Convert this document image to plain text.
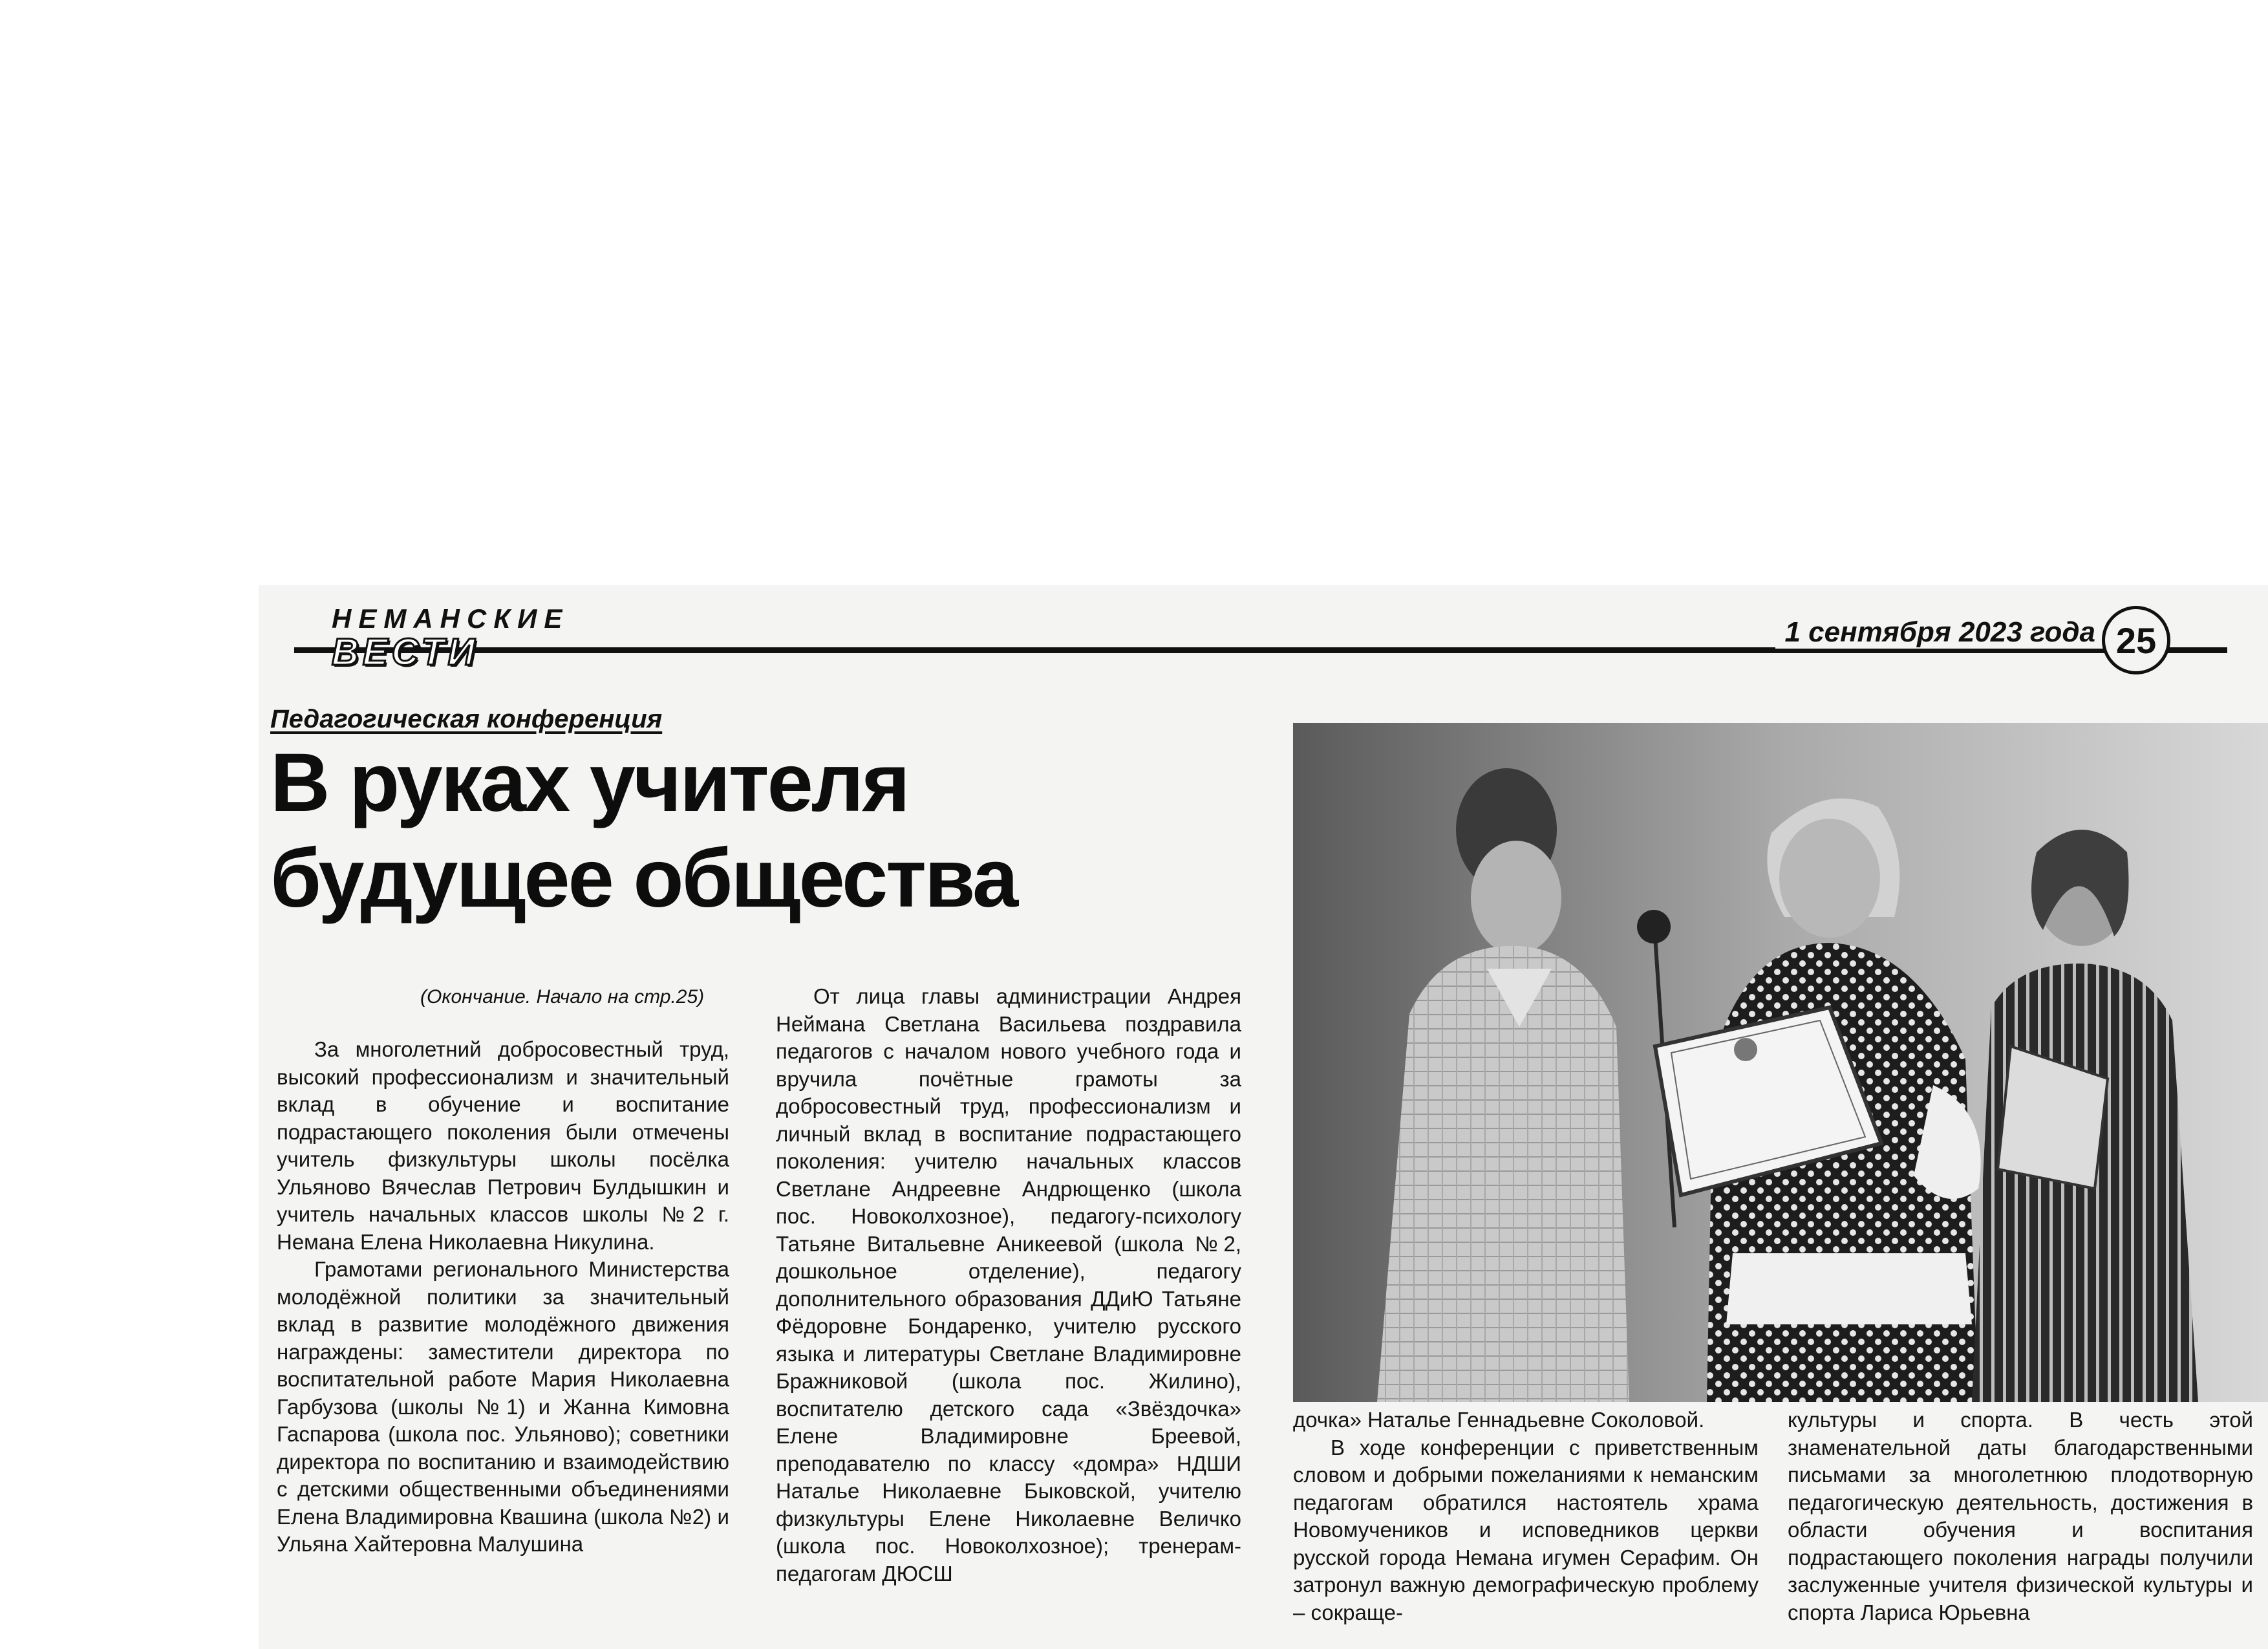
НЕМАНСКИЕ

ВЕСТИ	1 сентября 2023 года 25

Педагогическая конференция

В руках учителя
будущее общества

(Окончание. Начало на стр.25)

За многолетний добросовестный труд, высокий профессионализм и значительный вклад в обучение и воспитание подрастающего поколения были отмечены учитель физкультуры школы посёлка Ульяново Вячеслав Петрович Булдышкин и учитель начальных классов школы №2 г. Немана Елена Николаевна Никулина.

Грамотами регионального Министерства молодёжной политики за значительный вклад в развитие молодёжного движения награждены: заместители директора по воспитательной работе Мария Николаевна Гарбузова (школы №1) и Жанна Кимовна Гаспарова (школа пос. Ульяново); советники директора по воспитанию и взаимодействию с детскими общественными объединениями Елена Владимировна Квашина (школа №2) и Ульяна Хайтеровна Малушина

От лица главы администрации Андрея Неймана Светлана Васильева поздравила педагогов с началом нового учебного года и вручила почётные грамоты за добросовестный труд, профессионализм и личный вклад в воспитание подрастающего поколения: учителю начальных классов Светлане Андреевне Андрющенко (школа пос. Новоколхозное), педагогу-психологу Татьяне Витальевне Аникеевой (школа №2, дошкольное отделение), педагогу дополнительного образования ДДиЮ Татьяне Фёдоровне Бондаренко, учителю русского языка и литературы Светлане Владимировне Бражниковой (школа пос. Жилино), воспитателю детского сада «Звёздочка» Елене Владимировне Бреевой, преподавателю по классу «домра» НДШИ Наталье Николаевне Быковской, учителю физкультуры Елене Николаевне Величко (школа пос. Новоколхозное); тренерам-педагогам ДЮСШ

дочка» Наталье Геннадьевне Соколовой.

В ходе конференции с приветственным словом и добрыми пожеланиями к неманским педагогам обратился настоятель храма Новомучеников и исповедников церкви русской города Немана игумен Серафим. Он затронул важную демографическую проблему – сокраще-

культуры и спорта. В честь этой знаменательной даты благодарственными письмами за многолетнюю плодотворную педагогическую деятельность, достижения в области обучения и воспитания подрастающего поколения награды получили заслуженные учителя физической культуры и спорта Лариса Юрьевна
